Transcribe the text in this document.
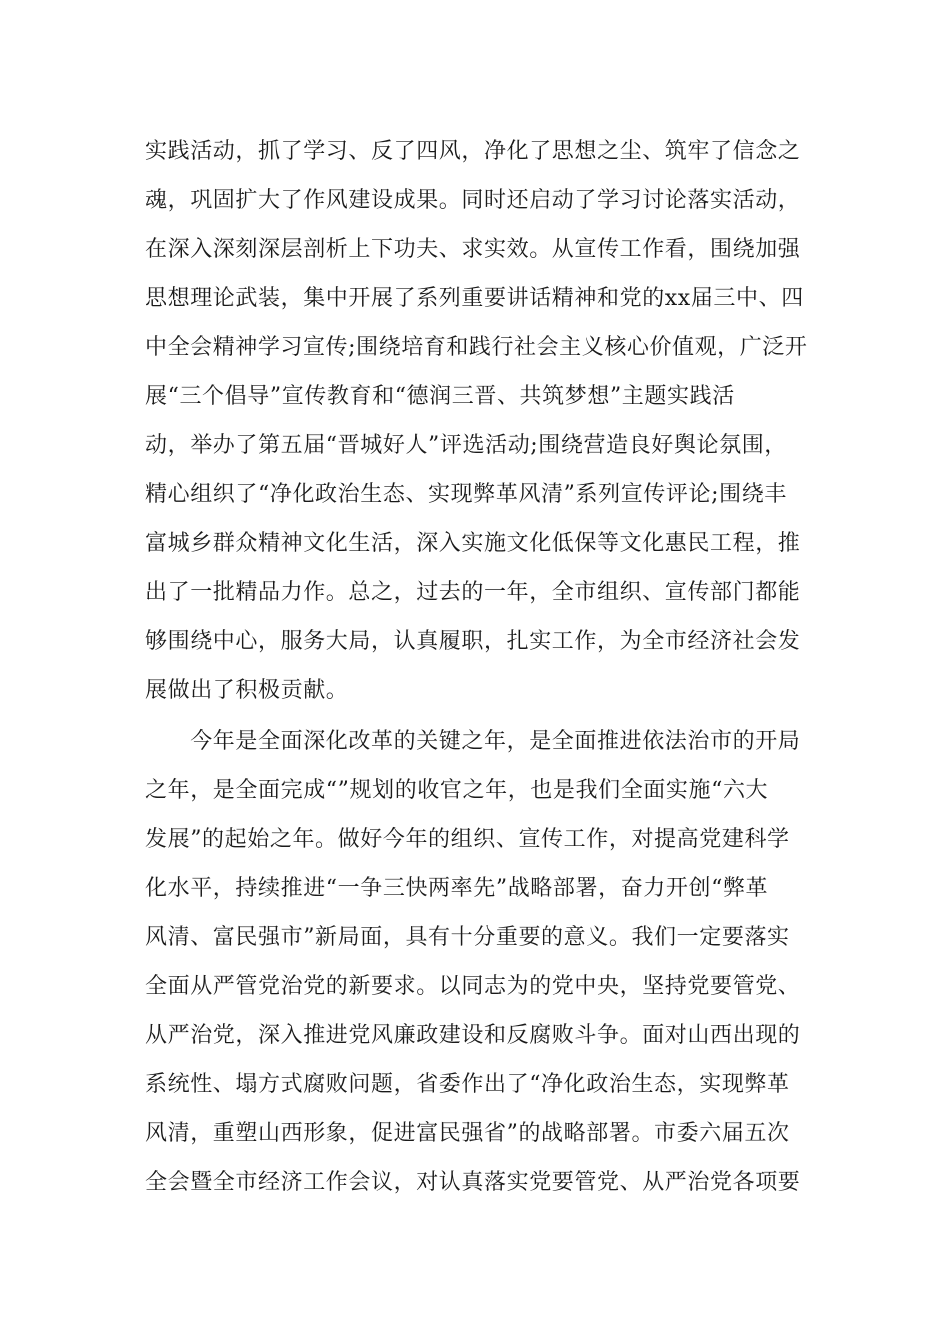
实践活动，抓了学习、反了四风，净化了思想之尘、筑牢了信念之
魂，巩固扩大了作风建设成果。同时还启动了学习讨论落实活动，
在深入深刻深层剖析上下功夫、求实效。从宣传工作看，围绕加强
思想理论武装，集中开展了系列重要讲话精神和党的xx届三中、四
中全会精神学习宣传;围绕培育和践行社会主义核心价值观，广泛开
展“三个倡导”宣传教育和“德润三晋、共筑梦想”主题实践活
动，举办了第五届“晋城好人”评选活动;围绕营造良好舆论氛围，
精心组织了“净化政治生态、实现弊革风清”系列宣传评论;围绕丰
富城乡群众精神文化生活，深入实施文化低保等文化惠民工程，推
出了一批精品力作。总之，过去的一年，全市组织、宣传部门都能
够围绕中心，服务大局，认真履职，扎实工作，为全市经济社会发
展做出了积极贡献。
　　今年是全面深化改革的关键之年，是全面推进依法治市的开局
之年，是全面完成“”规划的收官之年，也是我们全面实施“六大
发展”的起始之年。做好今年的组织、宣传工作，对提高党建科学
化水平，持续推进“一争三快两率先”战略部署，奋力开创“弊革
风清、富民强市”新局面，具有十分重要的意义。我们一定要落实
全面从严管党治党的新要求。以同志为的党中央，坚持党要管党、
从严治党，深入推进党风廉政建设和反腐败斗争。面对山西出现的
系统性、塌方式腐败问题，省委作出了“净化政治生态，实现弊革
风清，重塑山西形象，促进富民强省”的战略部署。市委六届五次
全会暨全市经济工作会议，对认真落实党要管党、从严治党各项要
